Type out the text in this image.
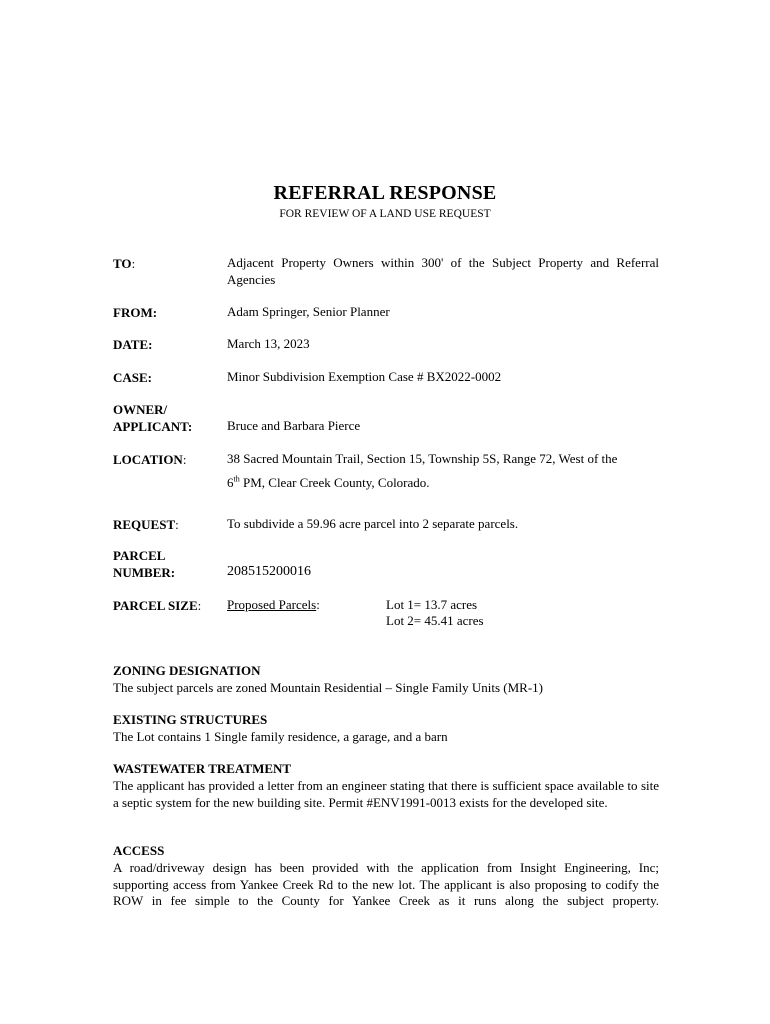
REFERRAL RESPONSE
FOR REVIEW OF A LAND USE REQUEST
TO:	Adjacent Property Owners within 300' of the Subject Property and Referral Agencies
FROM:	Adam Springer, Senior Planner
DATE:	March 13, 2023
CASE:	Minor Subdivision Exemption Case # BX2022-0002
OWNER/
APPLICANT:	Bruce and Barbara Pierce
LOCATION:	38 Sacred Mountain Trail, Section 15, Township 5S, Range 72, West of the
6th PM, Clear Creek County, Colorado.
REQUEST:	To subdivide a 59.96 acre parcel into 2 separate parcels.
PARCEL
NUMBER:	208515200016
PARCEL SIZE: Proposed Parcels:	Lot 1= 13.7 acres
Lot 2= 45.41 acres
ZONING DESIGNATION
The subject parcels are zoned Mountain Residential – Single Family Units (MR-1)
EXISTING STRUCTURES
The Lot contains 1 Single family residence, a garage, and a barn
WASTEWATER TREATMENT
The applicant has provided a letter from an engineer stating that there is sufficient space available to site a septic system for the new building site. Permit #ENV1991-0013 exists for the developed site.
ACCESS
A road/driveway design has been provided with the application from Insight Engineering, Inc; supporting access from Yankee Creek Rd to the new lot. The applicant is also proposing to codify the ROW in fee simple to the County for Yankee Creek as it runs along the subject property.
